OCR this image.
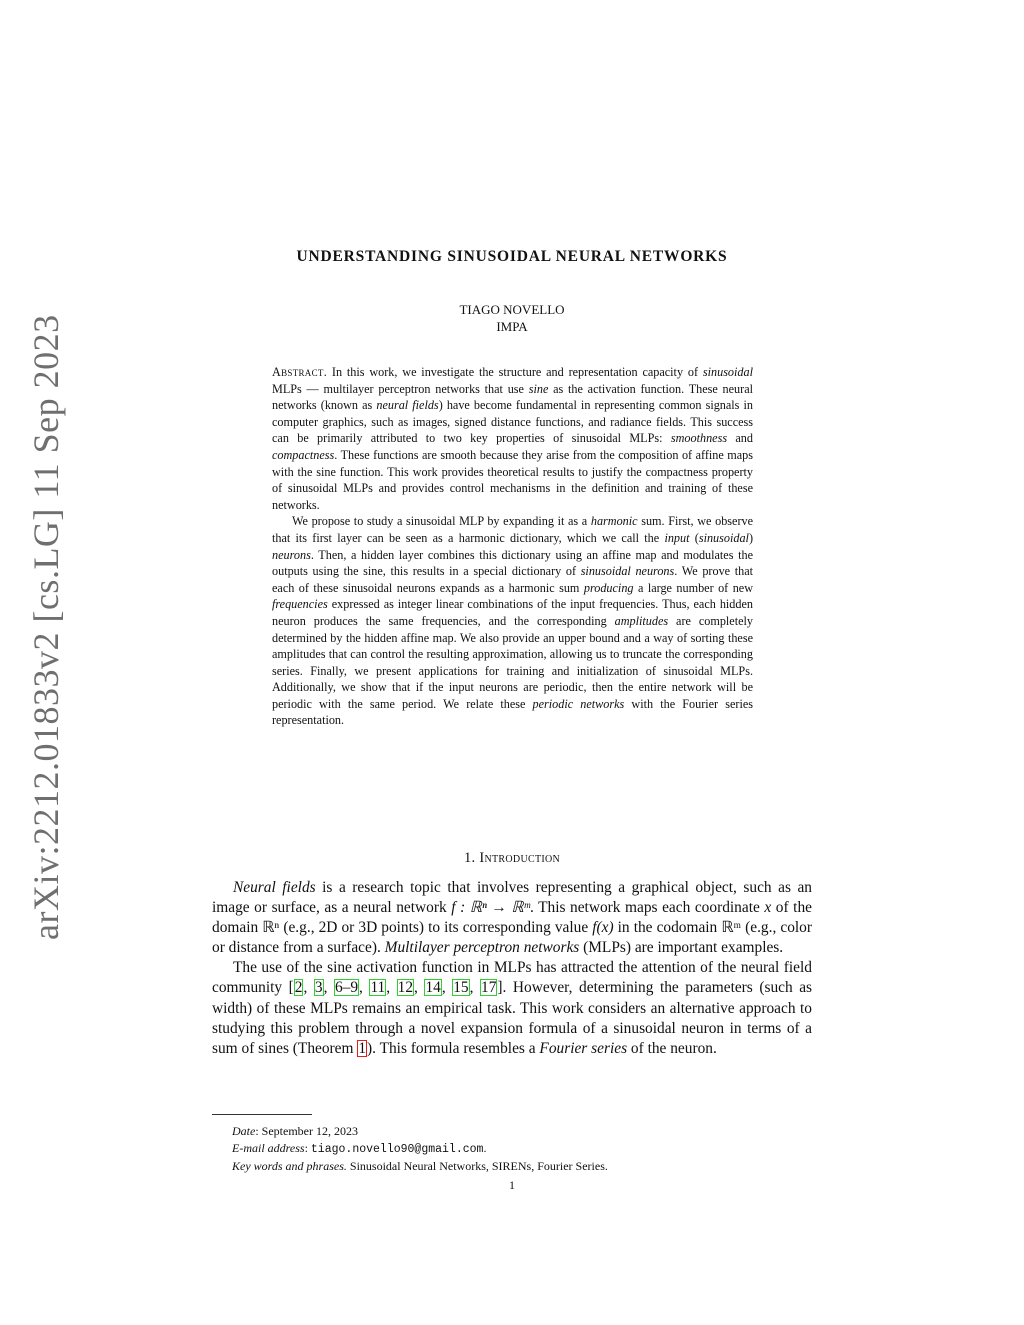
arXiv:2212.01833v2 [cs.LG] 11 Sep 2023
UNDERSTANDING SINUSOIDAL NEURAL NETWORKS
TIAGO NOVELLO
IMPA

Abstract. In this work, we investigate the structure and representation capacity of sinusoidal MLPs — multilayer perceptron networks that use sine as the activation function. These neural networks (known as neural fields) have become fundamental in representing common signals in computer graphics, such as images, signed distance functions, and radiance fields. This success can be primarily attributed to two key properties of sinusoidal MLPs: smoothness and compactness. These functions are smooth because they arise from the composition of affine maps with the sine function. This work provides theoretical results to justify the compactness property of sinusoidal MLPs and provides control mechanisms in the definition and training of these networks.

We propose to study a sinusoidal MLP by expanding it as a harmonic sum. First, we observe that its first layer can be seen as a harmonic dictionary, which we call the input (sinusoidal) neurons. Then, a hidden layer combines this dictionary using an affine map and modulates the outputs using the sine, this results in a special dictionary of sinusoidal neurons. We prove that each of these sinusoidal neurons expands as a harmonic sum producing a large number of new frequencies expressed as integer linear combinations of the input frequencies. Thus, each hidden neuron produces the same frequencies, and the corresponding amplitudes are completely determined by the hidden affine map. We also provide an upper bound and a way of sorting these amplitudes that can control the resulting approximation, allowing us to truncate the corresponding series. Finally, we present applications for training and initialization of sinusoidal MLPs. Additionally, we show that if the input neurons are periodic, then the entire network will be periodic with the same period. We relate these periodic networks with the Fourier series representation.

1. Introduction

Neural fields is a research topic that involves representing a graphical object, such as an image or surface, as a neural network f : ℝⁿ → ℝᵐ. This network maps each coordinate x of the domain ℝⁿ (e.g., 2D or 3D points) to its corresponding value f(x) in the codomain ℝᵐ (e.g., color or distance from a surface). Multilayer perceptron networks (MLPs) are important examples.

The use of the sine activation function in MLPs has attracted the attention of the neural field community [2, 3, 6–9, 11, 12, 14, 15, 17]. However, determining the parameters (such as width) of these MLPs remains an empirical task. This work considers an alternative approach to studying this problem through a novel expansion formula of a sinusoidal neuron in terms of a sum of sines (Theorem 1). This formula resembles a Fourier series of the neuron.

Date: September 12, 2023
E-mail address: tiago.novello90@gmail.com.
Key words and phrases. Sinusoidal Neural Networks, SIRENs, Fourier Series.
1
